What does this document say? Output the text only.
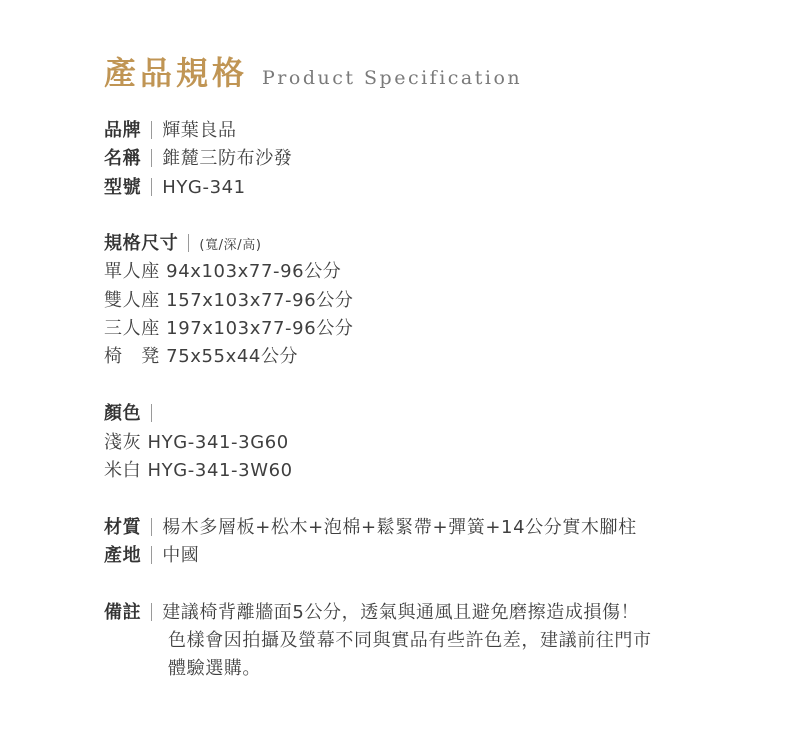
產品規格 Product Specification
品牌 輝葉良品
名稱 錐麓三防布沙發
型號 HYG-341
規格尺寸 (寬/深/高)
單人座 94x103x77-96公分
雙人座 157x103x77-96公分
三人座 197x103x77-96公分
椅　凳 75x55x44公分
顏色
淺灰 HYG-341-3G60
米白 HYG-341-3W60
材質 楊木多層板+松木+泡棉+鬆緊帶+彈簧+14公分實木腳柱
產地 中國
備註 建議椅背離牆面5公分，透氣與通風且避免磨擦造成損傷！
色樣會因拍攝及螢幕不同與實品有些許色差，建議前往門市
體驗選購。
